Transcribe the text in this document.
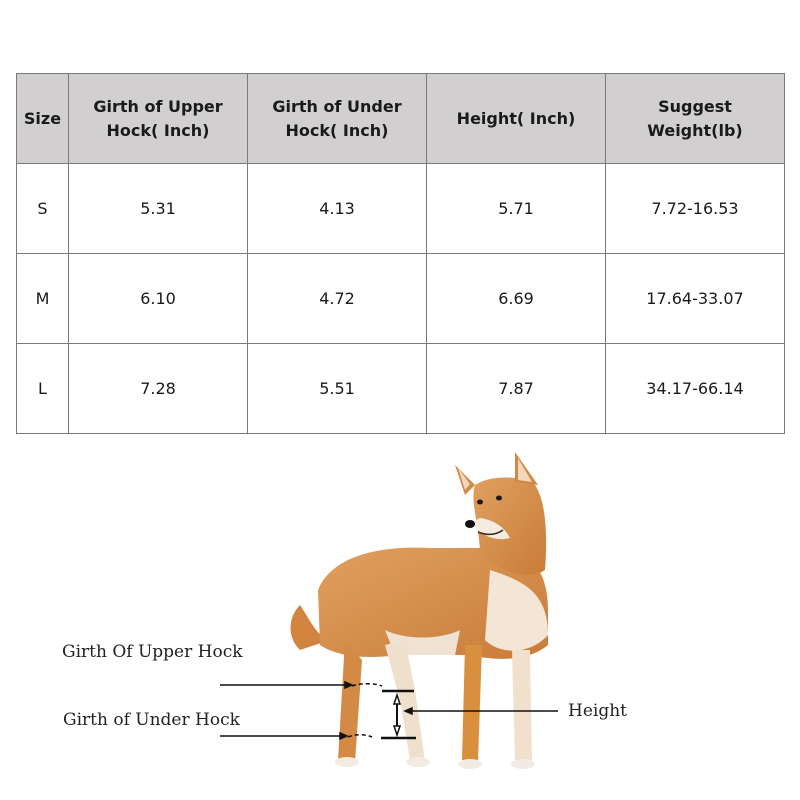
Size	Girth of Upper Hock( Inch)	Girth of Under Hock( Inch)	Height( Inch)	Suggest Weight(lb)
S	5.31	4.13	5.71	7.72-16.53
M	6.10	4.72	6.69	17.64-33.07
L	7.28	5.51	7.87	34.17-66.14
Girth Of Upper Hock
Girth of Under Hock	Height
